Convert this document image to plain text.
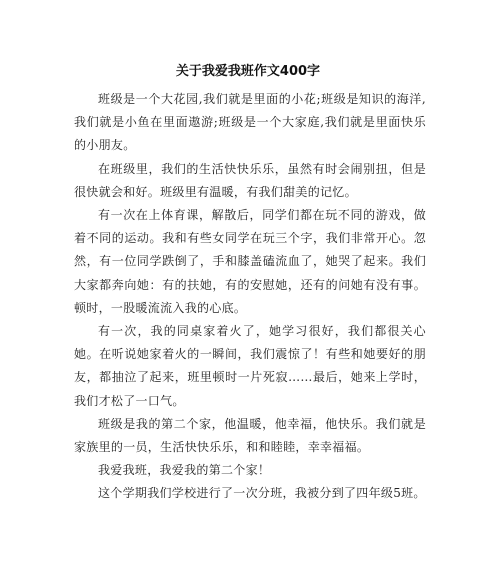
关于我爱我班作文400字

班级是一个大花园,我们就是里面的小花;班级是知识的海洋,我们就是小鱼在里面遨游;班级是一个大家庭,我们就是里面快乐的小朋友。

在班级里，我们的生活快快乐乐，虽然有时会闹别扭，但是很快就会和好。班级里有温暖，有我们甜美的记忆。

有一次在上体育课，解散后，同学们都在玩不同的游戏，做着不同的运动。我和有些女同学在玩三个字，我们非常开心。忽然，有一位同学跌倒了，手和膝盖磕流血了，她哭了起来。我们大家都奔向她：有的扶她，有的安慰她，还有的问她有没有事。顿时，一股暖流流入我的心底。

有一次，我的同桌家着火了，她学习很好，我们都很关心她。在听说她家着火的一瞬间，我们震惊了！有些和她要好的朋友，都抽泣了起来，班里顿时一片死寂……最后，她来上学时，我们才松了一口气。

班级是我的第二个家，他温暖，他幸福，他快乐。我们就是家族里的一员，生活快快乐乐，和和睦睦，幸幸福福。

我爱我班，我爱我的第二个家！

这个学期我们学校进行了一次分班，我被分到了四年级5班。
